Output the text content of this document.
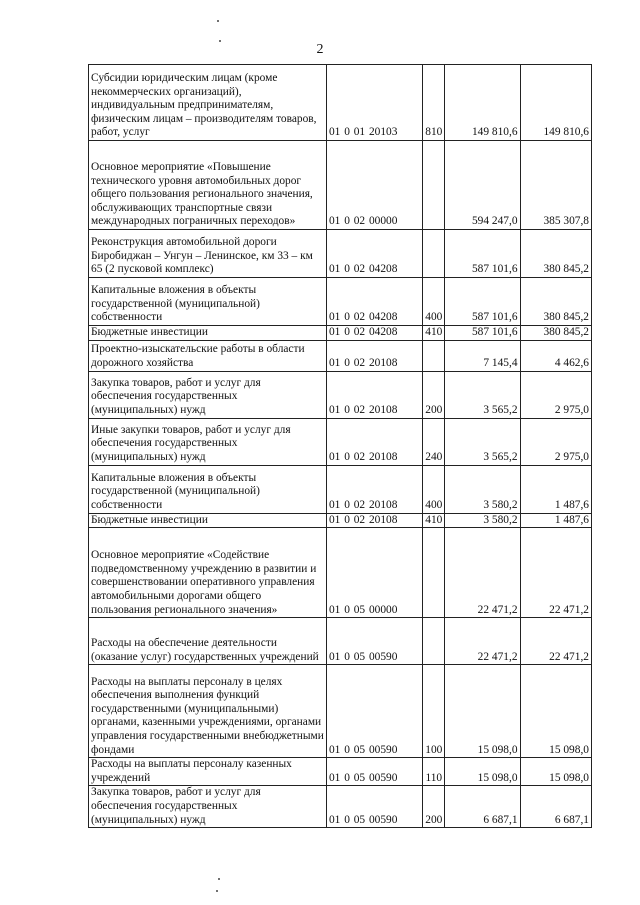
2
Субсидии юридическим лицам (кроме некоммерческих организаций), индивидуальным предпринимателям, физическим лицам – производителям товаров, работ, услуг	01 0 01 20103	810	149 810,6	149 810,6
Основное мероприятие «Повышение технического уровня автомобильных дорог общего пользования регионального значения, обслуживающих транспортные связи международных пограничных переходов»	01 0 02 00000		594 247,0	385 307,8
Реконструкция автомобильной дороги Биробиджан – Унгун – Ленинское, км 33 – км 65 (2 пусковой комплекс)	01 0 02 04208		587 101,6	380 845,2
Капитальные вложения в объекты государственной (муниципальной) собственности	01 0 02 04208	400	587 101,6	380 845,2
Бюджетные инвестиции	01 0 02 04208	410	587 101,6	380 845,2
Проектно-изыскательские работы в области дорожного хозяйства	01 0 02 20108		7 145,4	4 462,6
Закупка товаров, работ и услуг для обеспечения государственных (муниципальных) нужд	01 0 02 20108	200	3 565,2	2 975,0
Иные закупки товаров, работ и услуг для обеспечения государственных (муниципальных) нужд	01 0 02 20108	240	3 565,2	2 975,0
Капитальные вложения в объекты государственной (муниципальной) собственности	01 0 02 20108	400	3 580,2	1 487,6
Бюджетные инвестиции	01 0 02 20108	410	3 580,2	1 487,6
Основное мероприятие «Содействие подведомственному учреждению в развитии и совершенствовании оперативного управления автомобильными дорогами общего пользования регионального значения»	01 0 05 00000		22 471,2	22 471,2
Расходы на обеспечение деятельности (оказание услуг) государственных учреждений	01 0 05 00590		22 471,2	22 471,2
Расходы на выплаты персоналу в целях обеспечения выполнения функций государственными (муниципальными) органами, казенными учреждениями, органами управления государственными внебюджетными фондами	01 0 05 00590	100	15 098,0	15 098,0
Расходы на выплаты персоналу казенных учреждений	01 0 05 00590	110	15 098,0	15 098,0
Закупка товаров, работ и услуг для обеспечения государственных (муниципальных) нужд	01 0 05 00590	200	6 687,1	6 687,1
